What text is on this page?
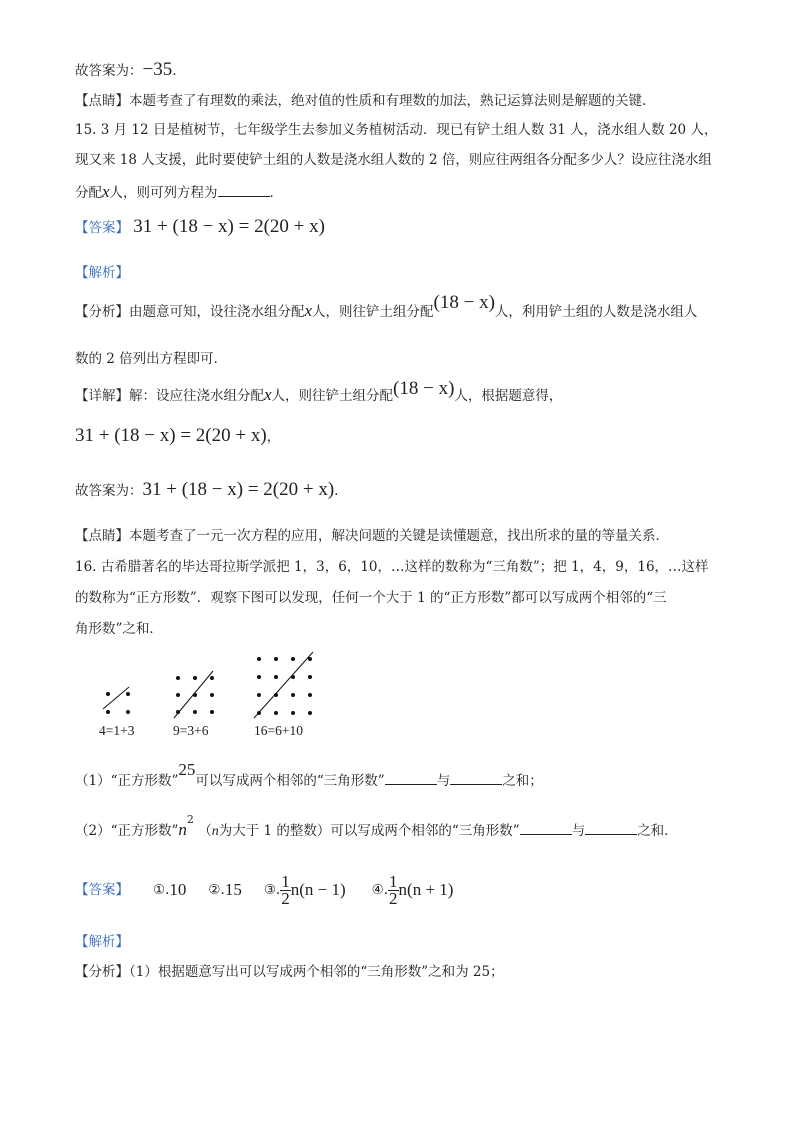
故答案为：−35.
【点睛】本题考查了有理数的乘法，绝对值的性质和有理数的加法，熟记运算法则是解题的关键.
15. 3 月 12 日是植树节，七年级学生去参加义务植树活动．现已有铲土组人数 31 人，浇水组人数 20 人，
现又来 18 人支援，此时要使铲土组的人数是浇水组人数的 2 倍，则应往两组各分配多少人？设应往浇水组
分配x人，则可列方程为	．
【答案】 31 + (18 − x) = 2(20 + x)
【解析】
【分析】由题意可知，设往浇水组分配x人，则往铲土组分配(18 − x)人，利用铲土组的人数是浇水组人
数的 2 倍列出方程即可．
【详解】解：设应往浇水组分配x人，则往铲土组分配(18 − x)人，根据题意得，
31 + (18 − x) = 2(20 + x)，
故答案为：31 + (18 − x) = 2(20 + x).
【点睛】本题考查了一元一次方程的应用，解决问题的关键是读懂题意，找出所求的量的等量关系．
16. 古希腊著名的毕达哥拉斯学派把 1，3，6，10，…这样的数称为“三角数”；把 1，4，9，16，…这样
的数称为“正方形数”．观察下图可以发现，任何一个大于 1 的“正方形数”都可以写成两个相邻的“三
角形数”之和．
4=1+3	9=3+6	16=6+10
（1）“正方形数”25可以写成两个相邻的“三角形数”	与	之和；
（2）“正方形数$”n^2$ （n为大于 1 的整数）可以写成两个相邻的“三角形数”	与	之和．
【答案】 ①. 10 ②. 15 ③. $\frac{1}{2} n(n - 1)$ ④. $\frac{1}{2} n(n + 1)$
【解析】
【分析】（1）根据题意写出可以写成两个相邻的“三角形数”之和为 25；
